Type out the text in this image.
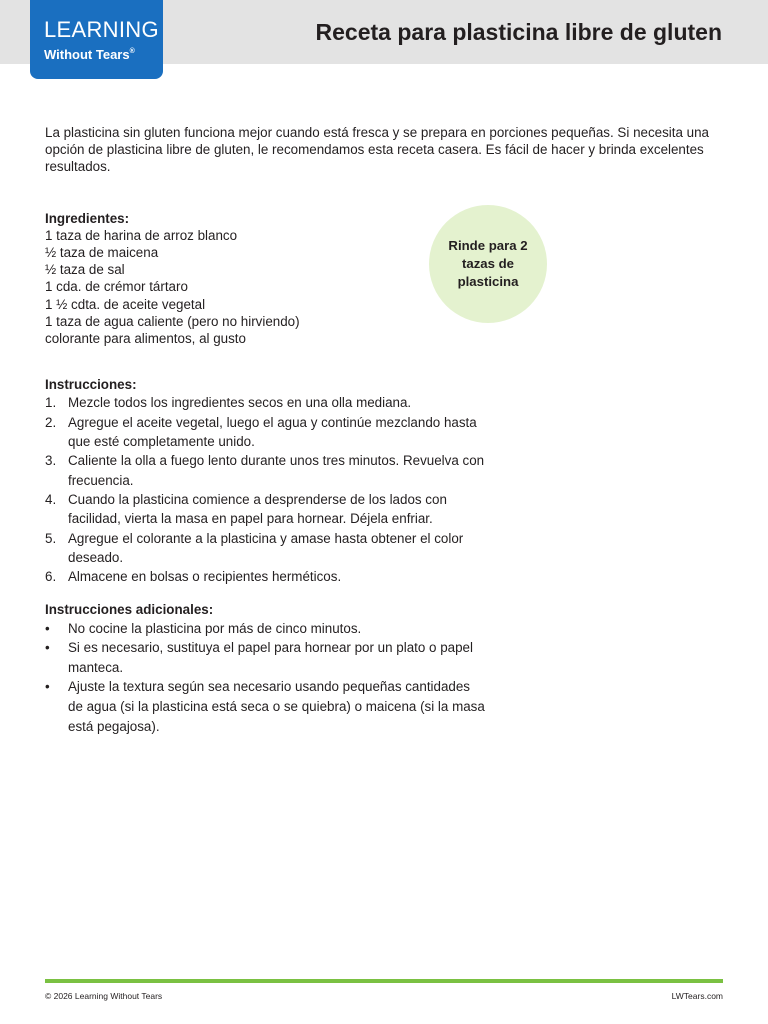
LEARNING
Without Tears®
Receta para plasticina libre de gluten

La plasticina sin gluten funciona mejor cuando está fresca y se prepara en porciones pequeñas. Si necesita una opción de plasticina libre de gluten, le recomendamos esta receta casera. Es fácil de hacer y brinda excelentes resultados.

Ingredientes:
1 taza de harina de arroz blanco
½ taza de maicena
½ taza de sal
1 cda. de crémor tártaro
1 ½ cdta. de aceite vegetal
1 taza de agua caliente (pero no hirviendo)
colorante para alimentos, al gusto
Instrucciones:
1. Mezcle todos los ingredientes secos en una olla mediana.
2. Agregue el aceite vegetal, luego el agua y continúe mezclando hasta que esté completamente unido.
3. Caliente la olla a fuego lento durante unos tres minutos. Revuelva con frecuencia.
4. Cuando la plasticina comience a desprenderse de los lados con facilidad, vierta la masa en papel para hornear. Déjela enfriar.
5. Agregue el colorante a la plasticina y amase hasta obtener el color deseado.
6. Almacene en bolsas o recipientes herméticos.
Instrucciones adicionales:
• No cocine la plasticina por más de cinco minutos.
• Si es necesario, sustituya el papel para hornear por un plato o papel manteca.
• Ajuste la textura según sea necesario usando pequeñas cantidades de agua (si la plasticina está seca o se quiebra) o maicena (si la masa está pegajosa).
Rinde para 2 tazas de plasticina
© 2026 Learning Without Tears	LWTears.com
